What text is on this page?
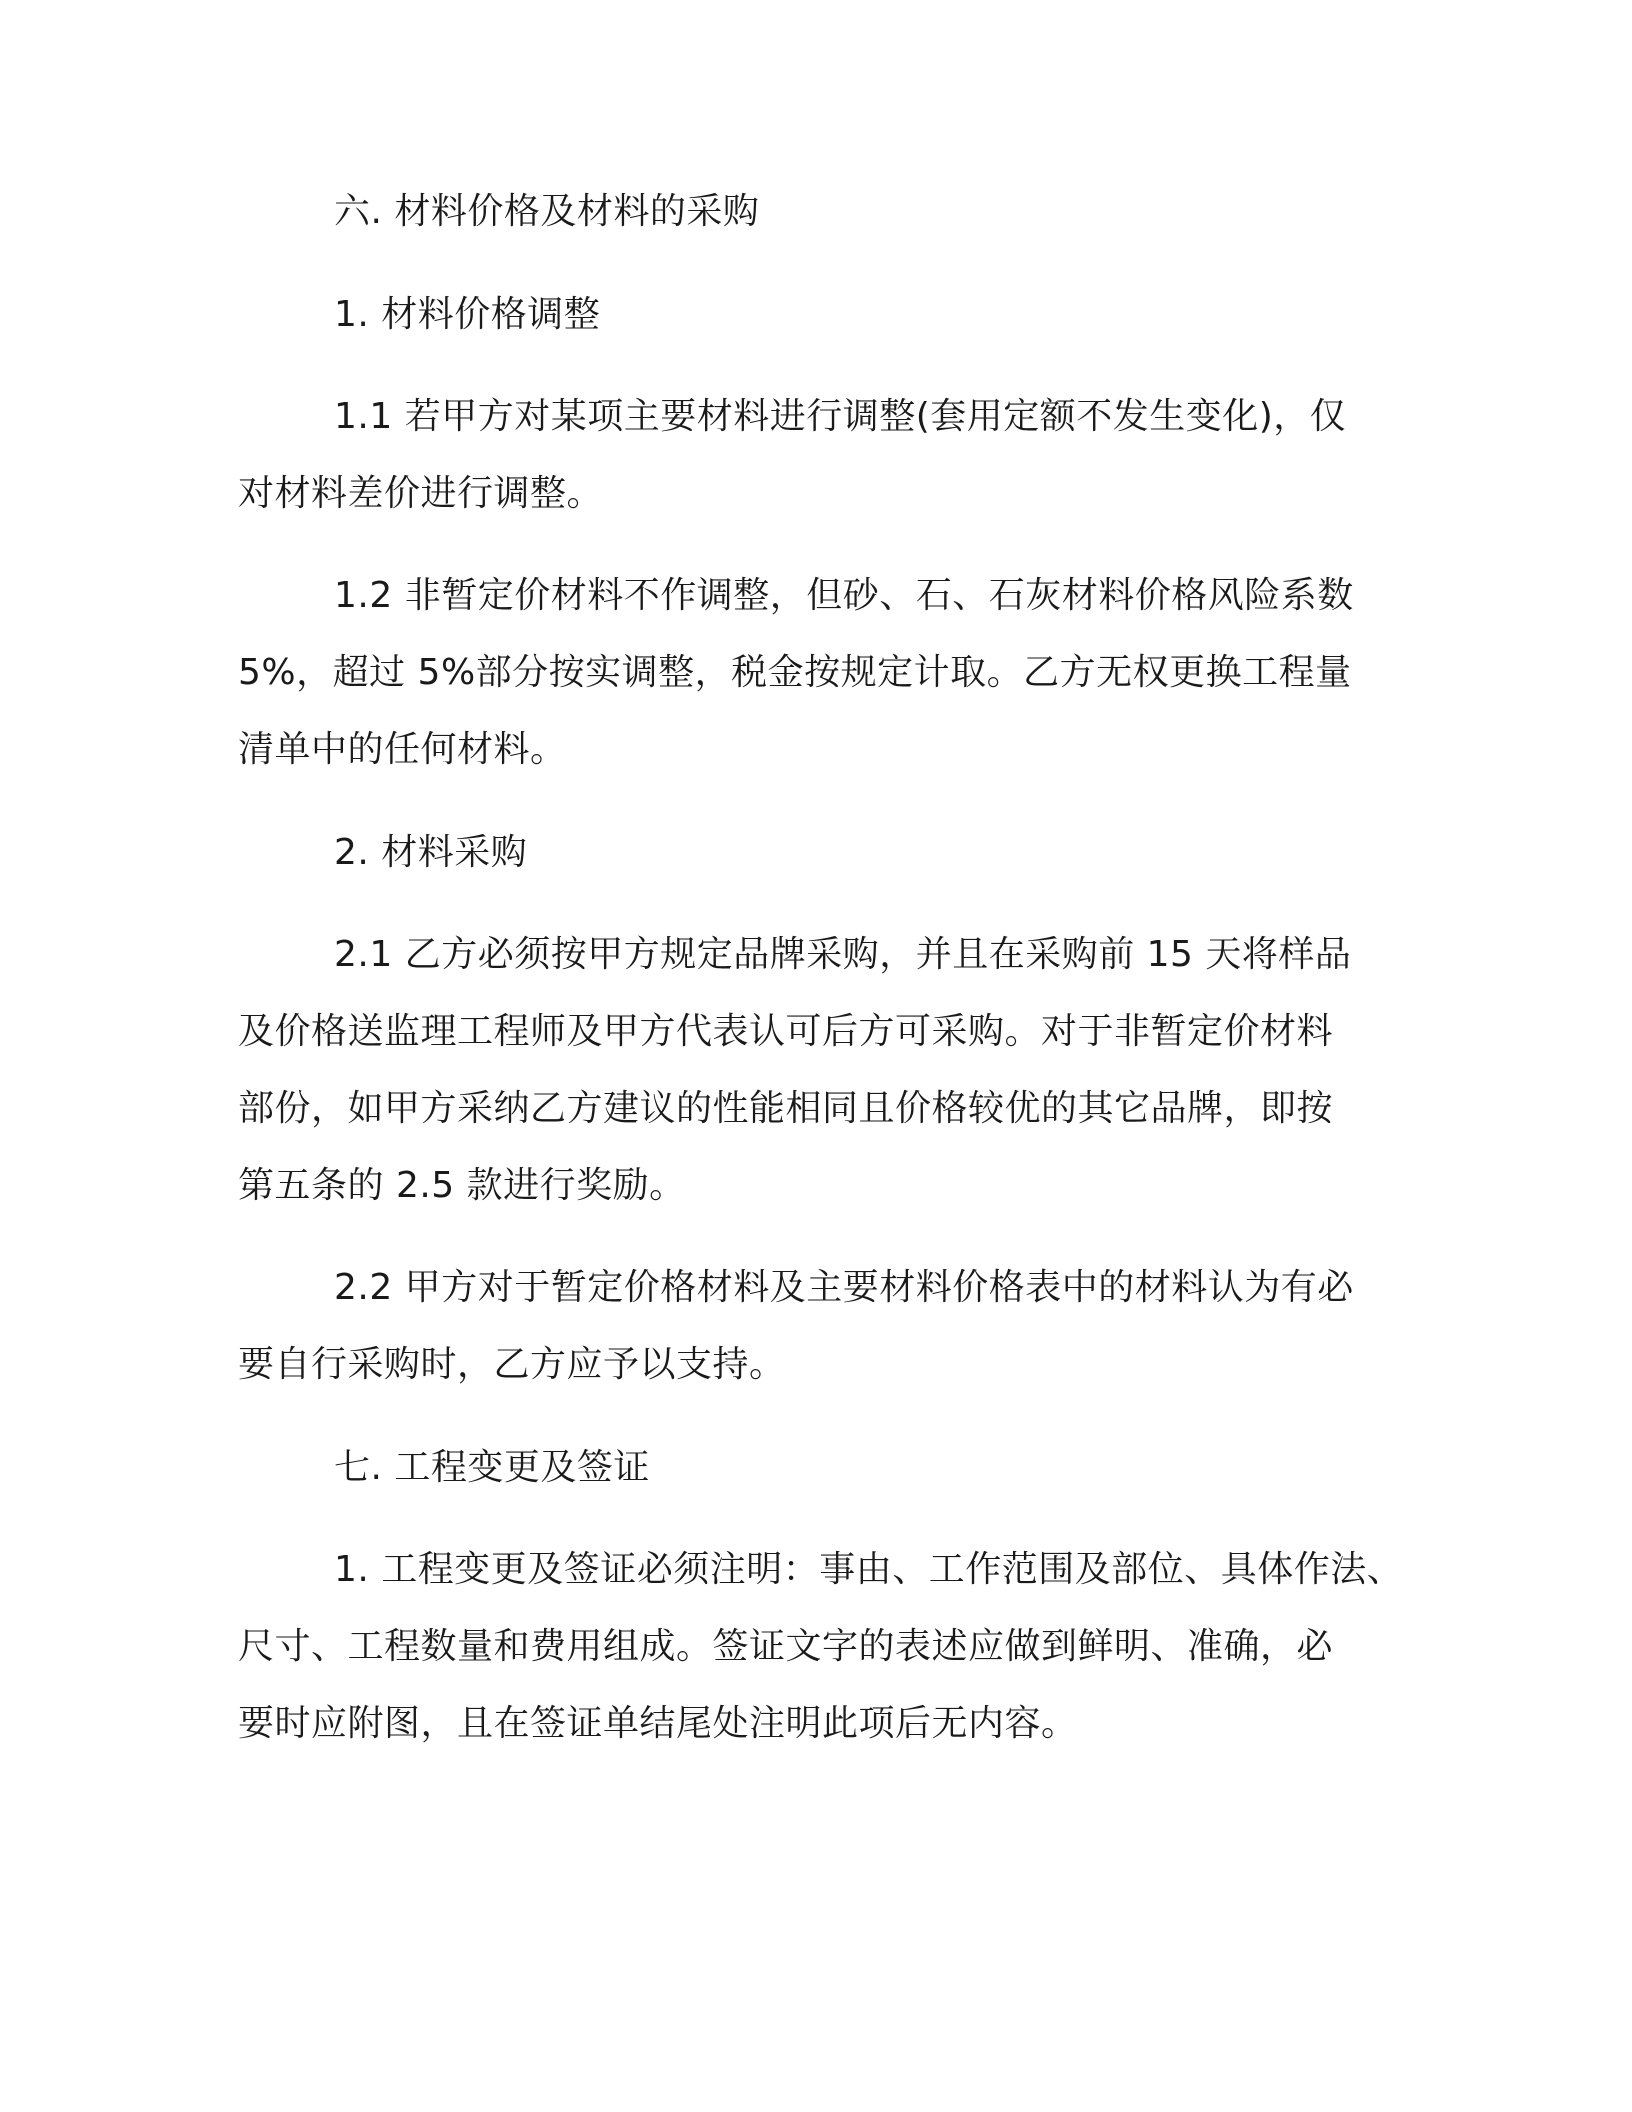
六. 材料价格及材料的采购
1. 材料价格调整
1.1 若甲方对某项主要材料进行调整(套用定额不发生变化)，仅
对材料差价进行调整。
1.2 非暂定价材料不作调整，但砂、石、石灰材料价格风险系数
5%，超过 5%部分按实调整，税金按规定计取。乙方无权更换工程量
清单中的任何材料。
2. 材料采购
2.1 乙方必须按甲方规定品牌采购，并且在采购前 15 天将样品
及价格送监理工程师及甲方代表认可后方可采购。对于非暂定价材料
部份，如甲方采纳乙方建议的性能相同且价格较优的其它品牌，即按
第五条的 2.5 款进行奖励。
2.2 甲方对于暂定价格材料及主要材料价格表中的材料认为有必
要自行采购时，乙方应予以支持。
七. 工程变更及签证
1. 工程变更及签证必须注明：事由、工作范围及部位、具体作法、
尺寸、工程数量和费用组成。签证文字的表述应做到鲜明、准确，必
要时应附图，且在签证单结尾处注明此项后无内容。
